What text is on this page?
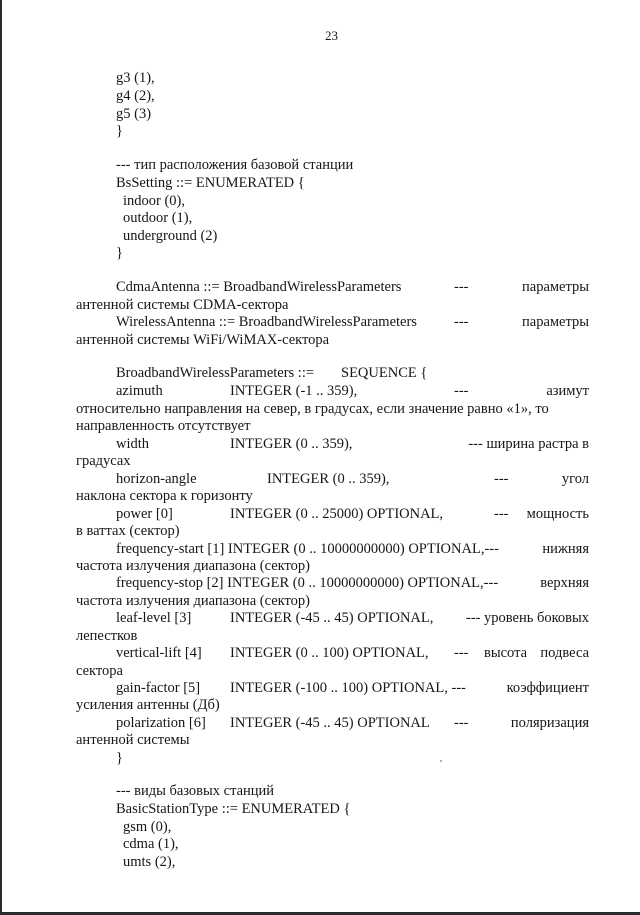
23
g3 (1),
g4 (2),
g5 (3)
}
--- тип расположения базовой станции
BsSetting ::= ENUMERATED {
indoor (0),
outdoor (1),
underground (2)
}
CdmaAntenna ::= BroadbandWirelessParameters	---	параметры
антенной системы CDMA-сектора
WirelessAntenna ::= BroadbandWirelessParameters	---	параметры
антенной системы WiFi/WiMAX-сектора
BroadbandWirelessParameters ::= SEQUENCE {
azimuth	INTEGER (-1 .. 359),	---	азимут
относительно направления на север, в градусах, если значение равно «1», то
направленность отсутствует
width	INTEGER (0 .. 359),	--- ширина растра в
градусах
horizon-angle	INTEGER (0 .. 359),	---	угол
наклона сектора к горизонту
power [0]	INTEGER (0 .. 25000) OPTIONAL,	---	мощность
в ваттах (сектор)
frequency-start [1] INTEGER (0 .. 10000000000) OPTIONAL,---	нижняя
частота излучения диапазона (сектор)
frequency-stop [2] INTEGER (0 .. 10000000000) OPTIONAL,---	верхняя
частота излучения диапазона (сектор)
leaf-level [3]	INTEGER (-45 .. 45) OPTIONAL,	--- уровень боковых
лепестков
vertical-lift [4] INTEGER (0 .. 100) OPTIONAL, --- высота подвеса
сектора
gain-factor [5] INTEGER (-100 .. 100) OPTIONAL, ---	коэффициент
усиления антенны (Дб)
polarization [6] INTEGER (-45 .. 45) OPTIONAL ---	поляризация
антенной системы
}
--- виды базовых станций
BasicStationType ::= ENUMERATED {
gsm (0),
cdma (1),
umts (2),
